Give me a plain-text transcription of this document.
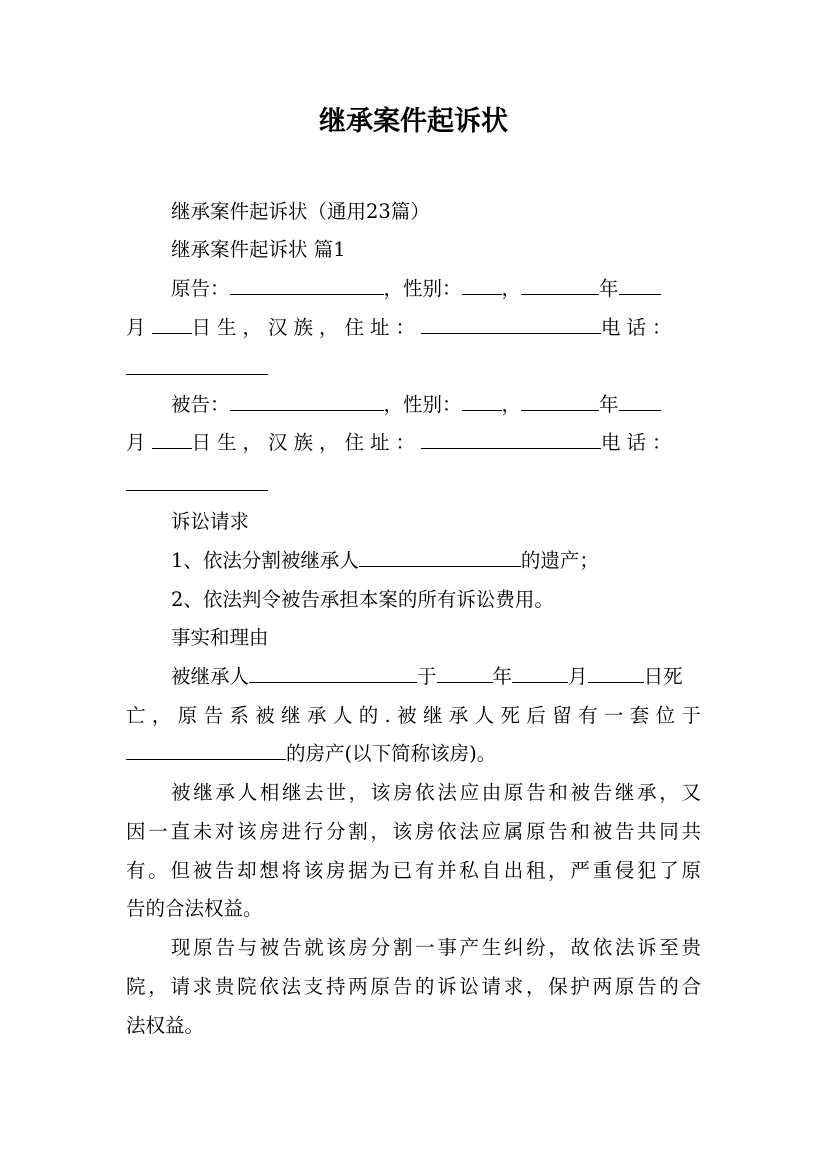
继承案件起诉状
继承案件起诉状（通用23篇）
继承案件起诉状 篇1
原告：	，性别： ，	年
月 日生，汉族，住址：	电话：
被告：	，性别： ，	年
月 日生，汉族，住址：	电话：
诉讼请求
1、依法分割被继承人	的遗产；
2、依法判令被告承担本案的所有诉讼费用。
事实和理由
被继承人	于	年	月	日死
亡，原告系被继承人的.被继承人死后留有一套位于
的房产(以下简称该房)。
被继承人相继去世，该房依法应由原告和被告继承，又
因一直未对该房进行分割，该房依法应属原告和被告共同共
有。但被告却想将该房据为已有并私自出租，严重侵犯了原
告的合法权益。
现原告与被告就该房分割一事产生纠纷，故依法诉至贵
院，请求贵院依法支持两原告的诉讼请求，保护两原告的合
法权益。
